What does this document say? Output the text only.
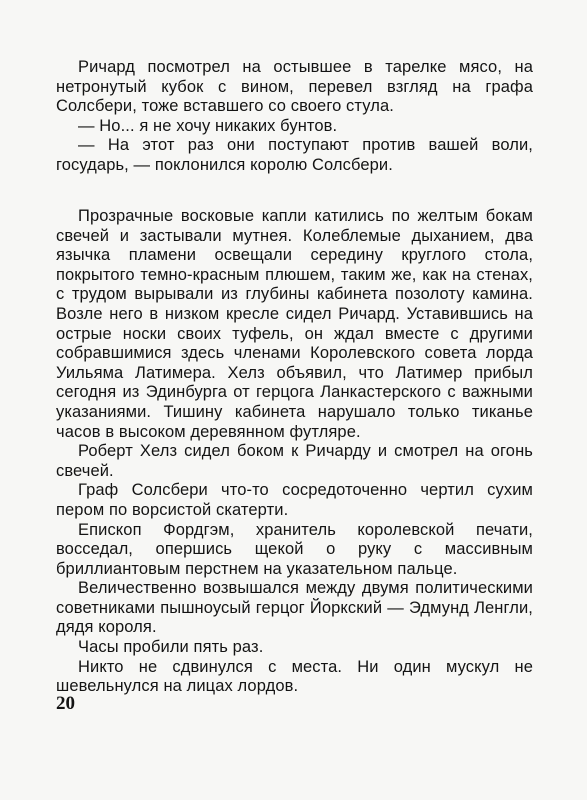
Ричард посмотрел на остывшее в тарелке мясо, на нетронутый кубок с вином, перевел взгляд на графа Солсбери, тоже вставшего со своего стула.

— Но... я не хочу никаких бунтов.

— На этот раз они поступают против вашей воли, государь, — поклонился королю Солсбери.

Прозрачные восковые капли катились по желтым бокам свечей и застывали мутнея. Колеблемые дыханием, два язычка пламени освещали середину круглого стола, покрытого темно-красным плюшем, таким же, как на стенах, с трудом вырывали из глубины кабинета позолоту камина. Возле него в низком кресле сидел Ричард. Уставившись на острые носки своих туфель, он ждал вместе с другими собравшимися здесь членами Королевского совета лорда Уильяма Латимера. Хелз объявил, что Латимер прибыл сегодня из Эдинбурга от герцога Ланкастерского с важными указаниями. Тишину кабинета нарушало только тиканье часов в высоком деревянном футляре.

Роберт Хелз сидел боком к Ричарду и смотрел на огонь свечей.

Граф Солсбери что-то сосредоточенно чертил сухим пером по ворсистой скатерти.

Епископ Фордгэм, хранитель королевской печати, восседал, опершись щекой о руку с массивным бриллиантовым перстнем на указательном пальце.

Величественно возвышался между двумя политическими советниками пышноусый герцог Йоркский — Эдмунд Ленгли, дядя короля.

Часы пробили пять раз.

Никто не сдвинулся с места. Ни один мускул не шевельнулся на лицах лордов.

20
